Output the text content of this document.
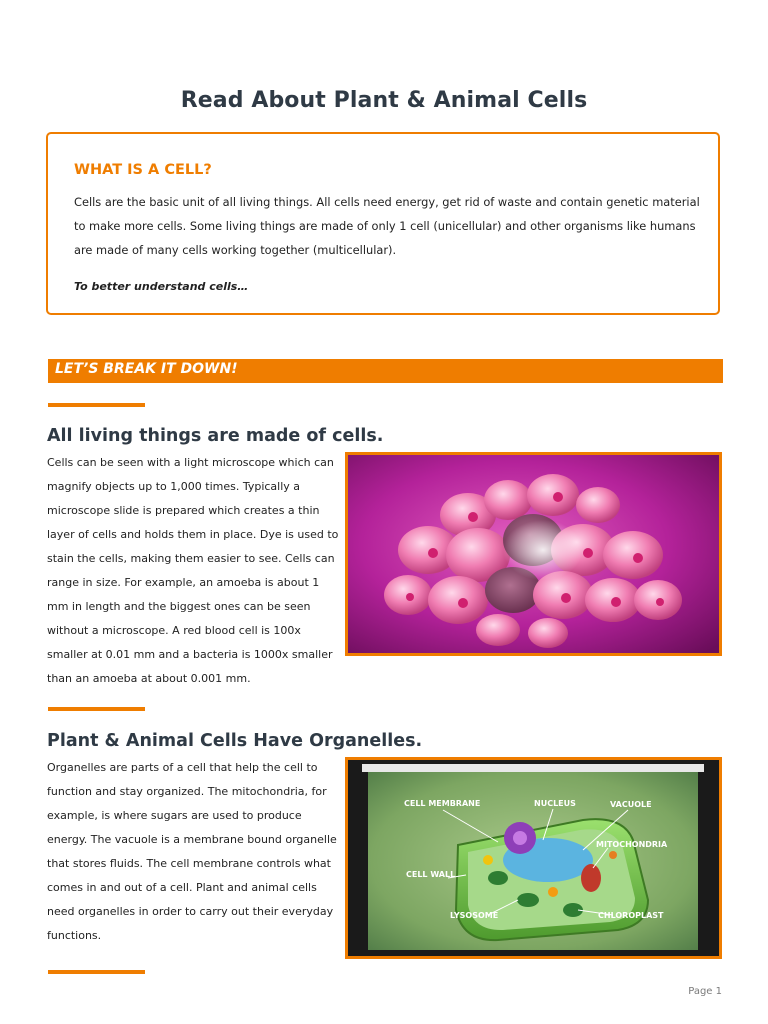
Read About Plant & Animal Cells
WHAT IS A CELL?
Cells are the basic unit of all living things. All cells need energy, get rid of waste and contain genetic material to make more cells. Some living things are made of only 1 cell (unicellular) and other organisms like humans are made of many cells working together (multicellular).
To better understand cells…
LET’S BREAK IT DOWN!
All living things are made of cells.
Cells can be seen with a light microscope which can magnify objects up to 1,000 times. Typically a microscope slide is prepared which creates a thin layer of cells and holds them in place. Dye is used to stain the cells, making them easier to see. Cells can range in size. For example, an amoeba is about 1 mm in length and the biggest ones can be seen without a microscope. A red blood cell is 100x smaller at 0.01 mm and a bacteria is 1000x smaller than an amoeba at about 0.001 mm.
Plant & Animal Cells Have Organelles.
Organelles are parts of a cell that help the cell to function and stay organized. The mitochondria, for example, is where sugars are used to produce energy. The vacuole is a membrane bound organelle that stores fluids. The cell membrane controls what comes in and out of a cell. Plant and animal cells need organelles in order to carry out their everyday functions.
CELL MEMBRANE	NUCLEUS	VACUOLE
MITOCHONDRIA
CELL WALL
LYSOSOME	CHLOROPLAST
Page 1
